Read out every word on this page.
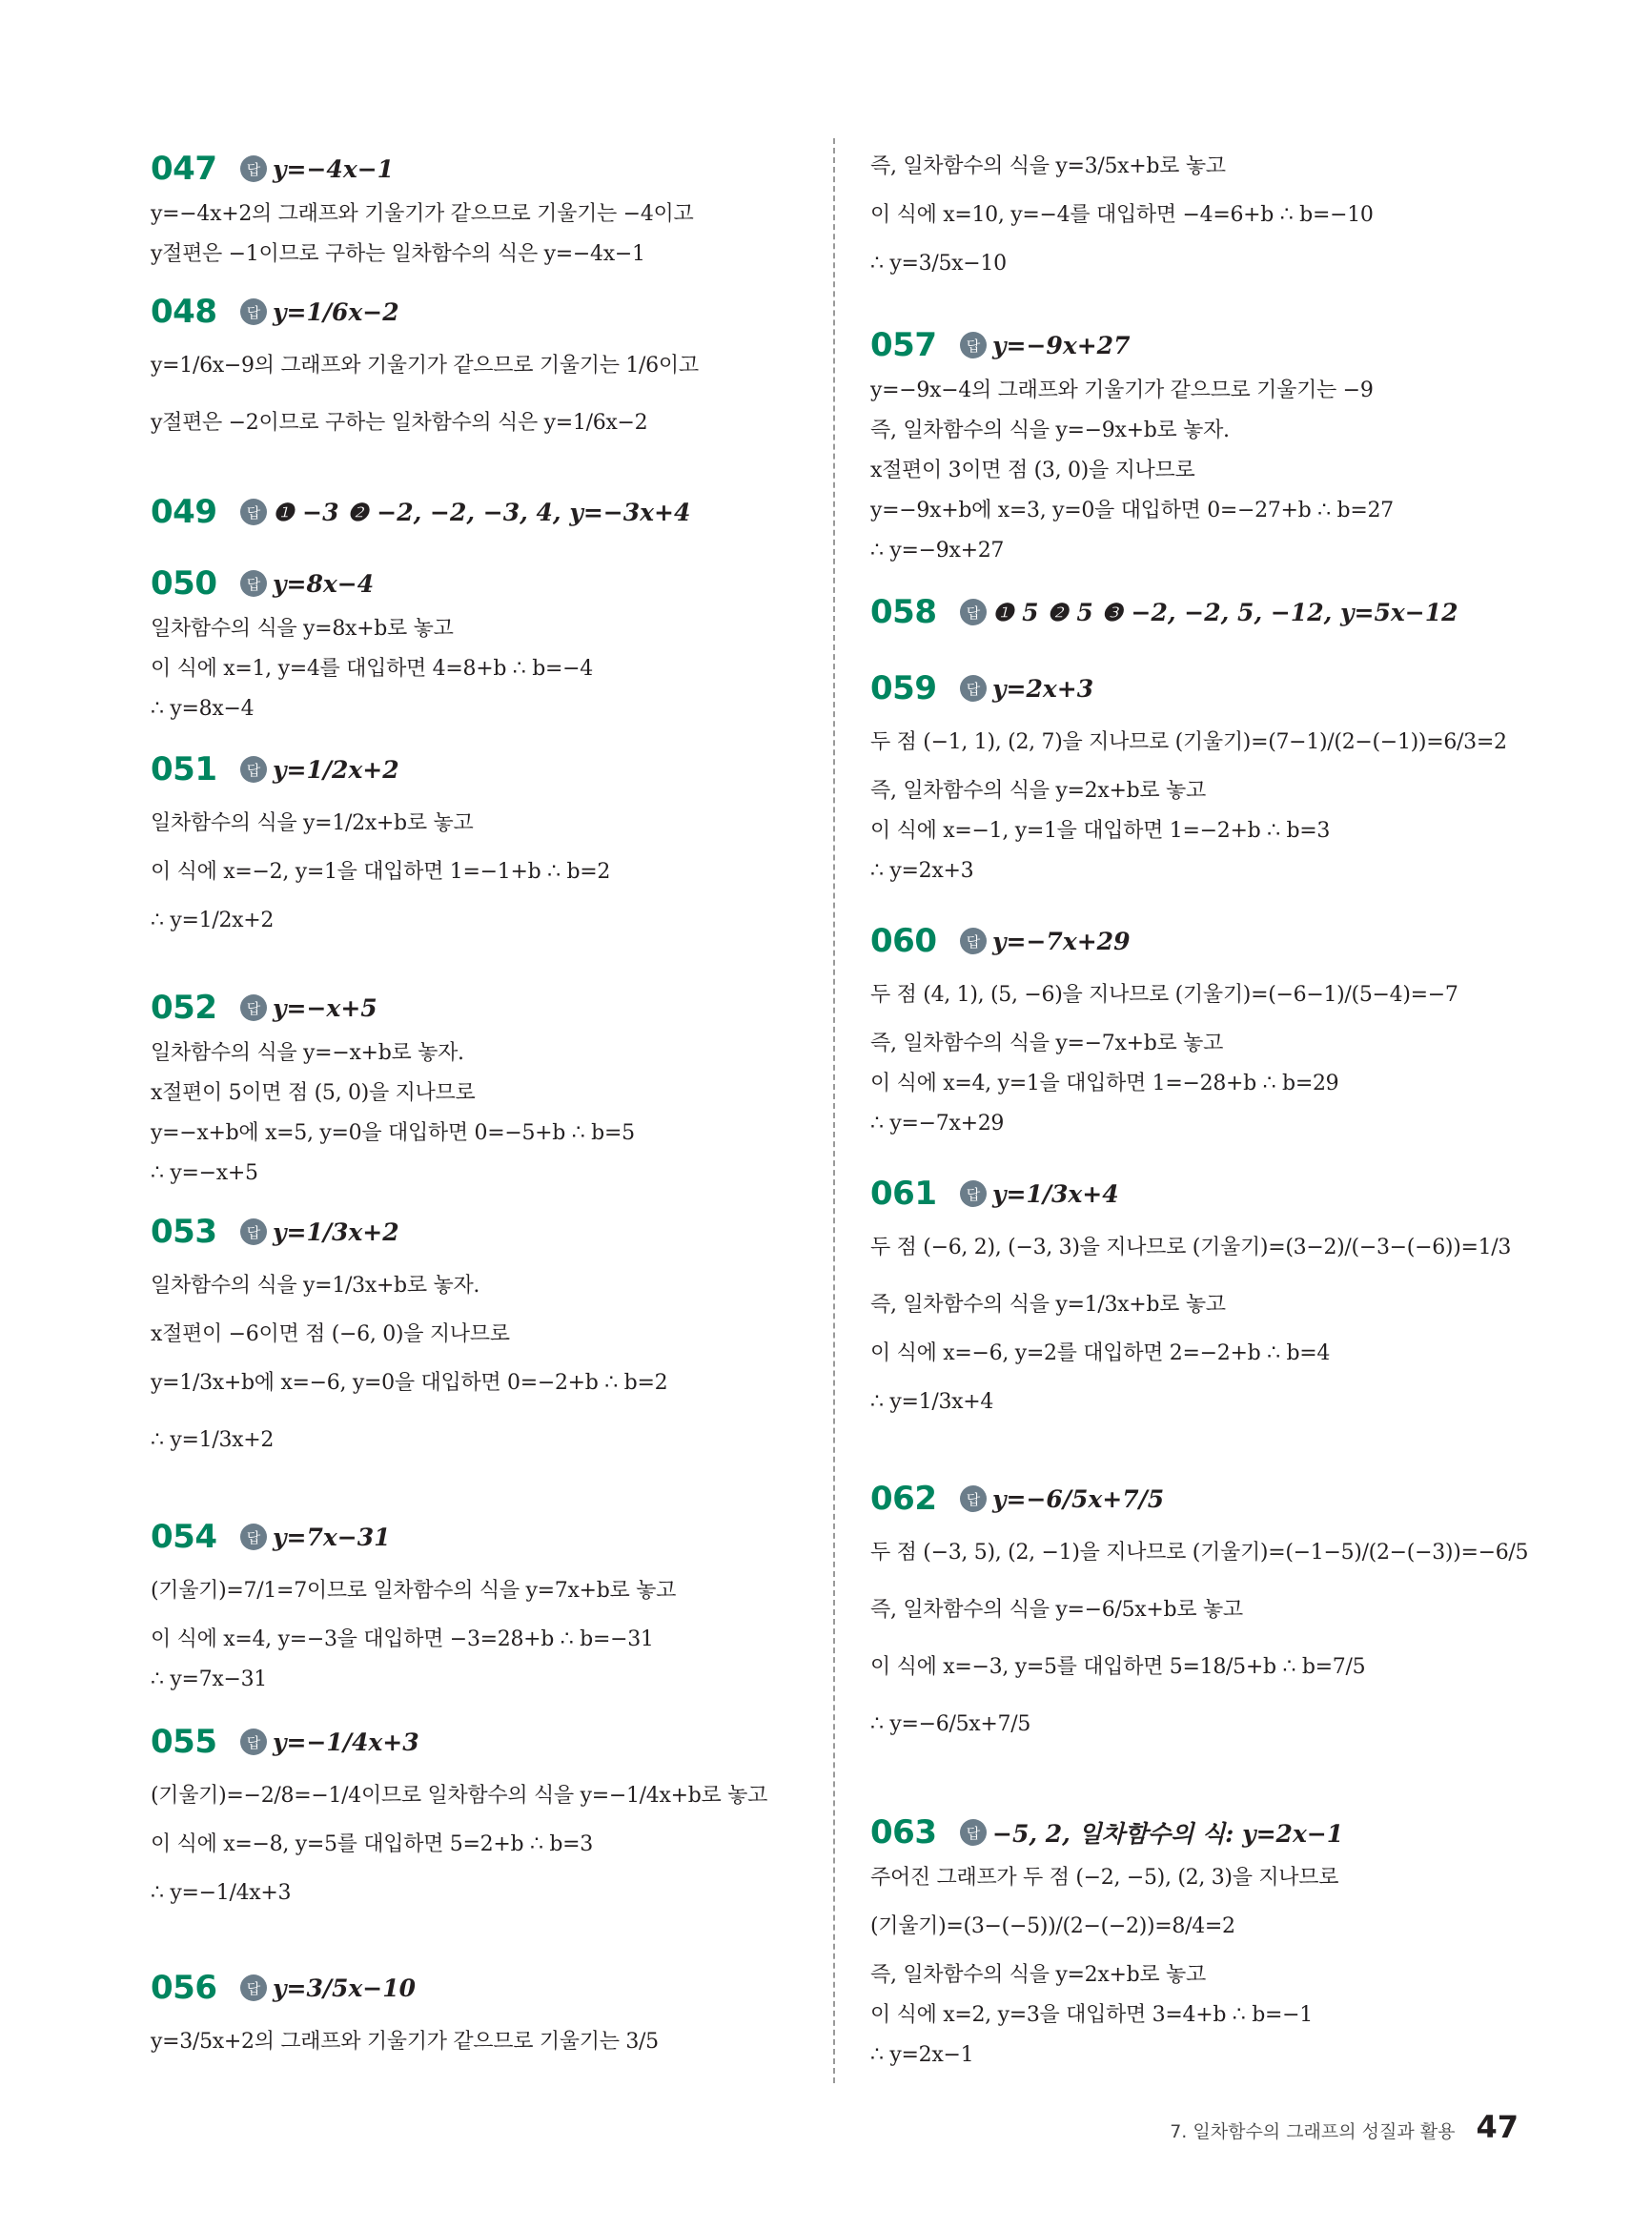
047	답 y=−4x−1
y=−4x+2의 그래프와 기울기가 같으므로 기울기는 −4이고
y절편은 −1이므로 구하는 일차함수의 식은 y=−4x−1
048	답 y=1/6x−2
y=1/6x−9의 그래프와 기울기가 같으므로 기울기는 1/6이고
y절편은 −2이므로 구하는 일차함수의 식은 y=1/6x−2
049	답 ❶ −3 ❷ −2, −2, −3, 4, y=−3x+4
050	답 y=8x−4
일차함수의 식을 y=8x+b로 놓고
이 식에 x=1, y=4를 대입하면 4=8+b ∴ b=−4
∴ y=8x−4
051	답 y=1/2x+2
일차함수의 식을 y=1/2x+b로 놓고
이 식에 x=−2, y=1을 대입하면 1=−1+b ∴ b=2
∴ y=1/2x+2
052	답 y=−x+5
일차함수의 식을 y=−x+b로 놓자.
x절편이 5이면 점 (5, 0)을 지나므로
y=−x+b에 x=5, y=0을 대입하면 0=−5+b ∴ b=5
∴ y=−x+5
053	답 y=1/3x+2
일차함수의 식을 y=1/3x+b로 놓자.
x절편이 −6이면 점 (−6, 0)을 지나므로
y=1/3x+b에 x=−6, y=0을 대입하면 0=−2+b ∴ b=2
∴ y=1/3x+2
054	답 y=7x−31
(기울기)=7/1=7이므로 일차함수의 식을 y=7x+b로 놓고
이 식에 x=4, y=−3을 대입하면 −3=28+b ∴ b=−31
∴ y=7x−31
055	답 y=−1/4x+3
(기울기)=−2/8=−1/4이므로 일차함수의 식을 y=−1/4x+b로 놓고
이 식에 x=−8, y=5를 대입하면 5=2+b ∴ b=3
∴ y=−1/4x+3
056	답 y=3/5x−10
y=3/5x+2의 그래프와 기울기가 같으므로 기울기는 3/5
즉, 일차함수의 식을 y=3/5x+b로 놓고
이 식에 x=10, y=−4를 대입하면 −4=6+b ∴ b=−10
∴ y=3/5x−10
057	답 y=−9x+27
y=−9x−4의 그래프와 기울기가 같으므로 기울기는 −9
즉, 일차함수의 식을 y=−9x+b로 놓자.
x절편이 3이면 점 (3, 0)을 지나므로
y=−9x+b에 x=3, y=0을 대입하면 0=−27+b ∴ b=27
∴ y=−9x+27
058	답 ❶ 5 ❷ 5 ❸ −2, −2, 5, −12, y=5x−12
059	답 y=2x+3
두 점 (−1, 1), (2, 7)을 지나므로 (기울기)=(7−1)/(2−(−1))=6/3=2
즉, 일차함수의 식을 y=2x+b로 놓고
이 식에 x=−1, y=1을 대입하면 1=−2+b ∴ b=3
∴ y=2x+3
060	답 y=−7x+29
두 점 (4, 1), (5, −6)을 지나므로 (기울기)=(−6−1)/(5−4)=−7
즉, 일차함수의 식을 y=−7x+b로 놓고
이 식에 x=4, y=1을 대입하면 1=−28+b ∴ b=29
∴ y=−7x+29
061	답 y=1/3x+4
두 점 (−6, 2), (−3, 3)을 지나므로 (기울기)=(3−2)/(−3−(−6))=1/3
즉, 일차함수의 식을 y=1/3x+b로 놓고
이 식에 x=−6, y=2를 대입하면 2=−2+b ∴ b=4
∴ y=1/3x+4
062	답 y=−6/5x+7/5
두 점 (−3, 5), (2, −1)을 지나므로 (기울기)=(−1−5)/(2−(−3))=−6/5
즉, 일차함수의 식을 y=−6/5x+b로 놓고
이 식에 x=−3, y=5를 대입하면 5=18/5+b ∴ b=7/5
∴ y=−6/5x+7/5
063	답 −5, 2, 일차함수의 식: y=2x−1
주어진 그래프가 두 점 (−2, −5), (2, 3)을 지나므로
(기울기)=(3−(−5))/(2−(−2))=8/4=2
즉, 일차함수의 식을 y=2x+b로 놓고
이 식에 x=2, y=3을 대입하면 3=4+b ∴ b=−1
∴ y=2x−1
7. 일차함수의 그래프의 성질과 활용 47
